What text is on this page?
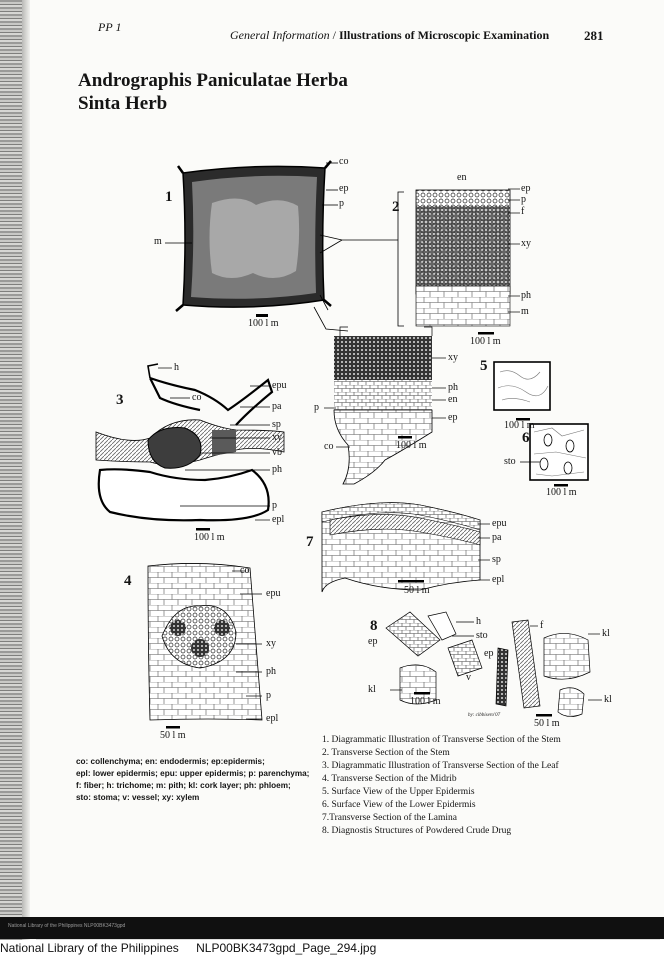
PP 1
General Information / Illustrations of Microscopic Examination	281
Andrographis Paniculatae Herba
Sinta Herb
1
2
3
4
5
6
7
8
co
ep
p
m
100 l m
en
ep
p
f
xy
ph
m
100 l m
xy
ph
en
ep
p
co	100 l m
h
co
epu
pa
sp
xy
vb
ph
p
epl
100 l m
co
epu
xy
ph
p
epl
50 l m
100 l m
sto
100 l m
epu
pa
sp
epl
50 l m
h
sto
f
kl
ep
ep
v
kl
kl
100 l m
50 l m
by: cibbisero'07
co: collenchyma; en: endodermis; ep:epidermis;
epl: lower epidermis; epu: upper epidermis; p: parenchyma;
f: fiber; h: trichome; m: pith; kl: cork layer; ph: phloem;
sto: stoma; v: vessel; xy: xylem
1. Diagrammatic Illustration of Transverse Section of the Stem
2. Transverse Section of the Stem
3. Diagrammatic Illustration of Transverse Section of the Leaf
4. Transverse Section of the Midrib
5. Surface View of the Upper Epidermis
6. Surface View of the Lower Epidermis
7.Transverse Section of the Lamina
8. Diagnostis Structures of Powdered Crude Drug
National Library of the Philippines NLP00BK3473gpd
National Library of the Philippines NLP00BK3473gpd_Page_294.jpg
